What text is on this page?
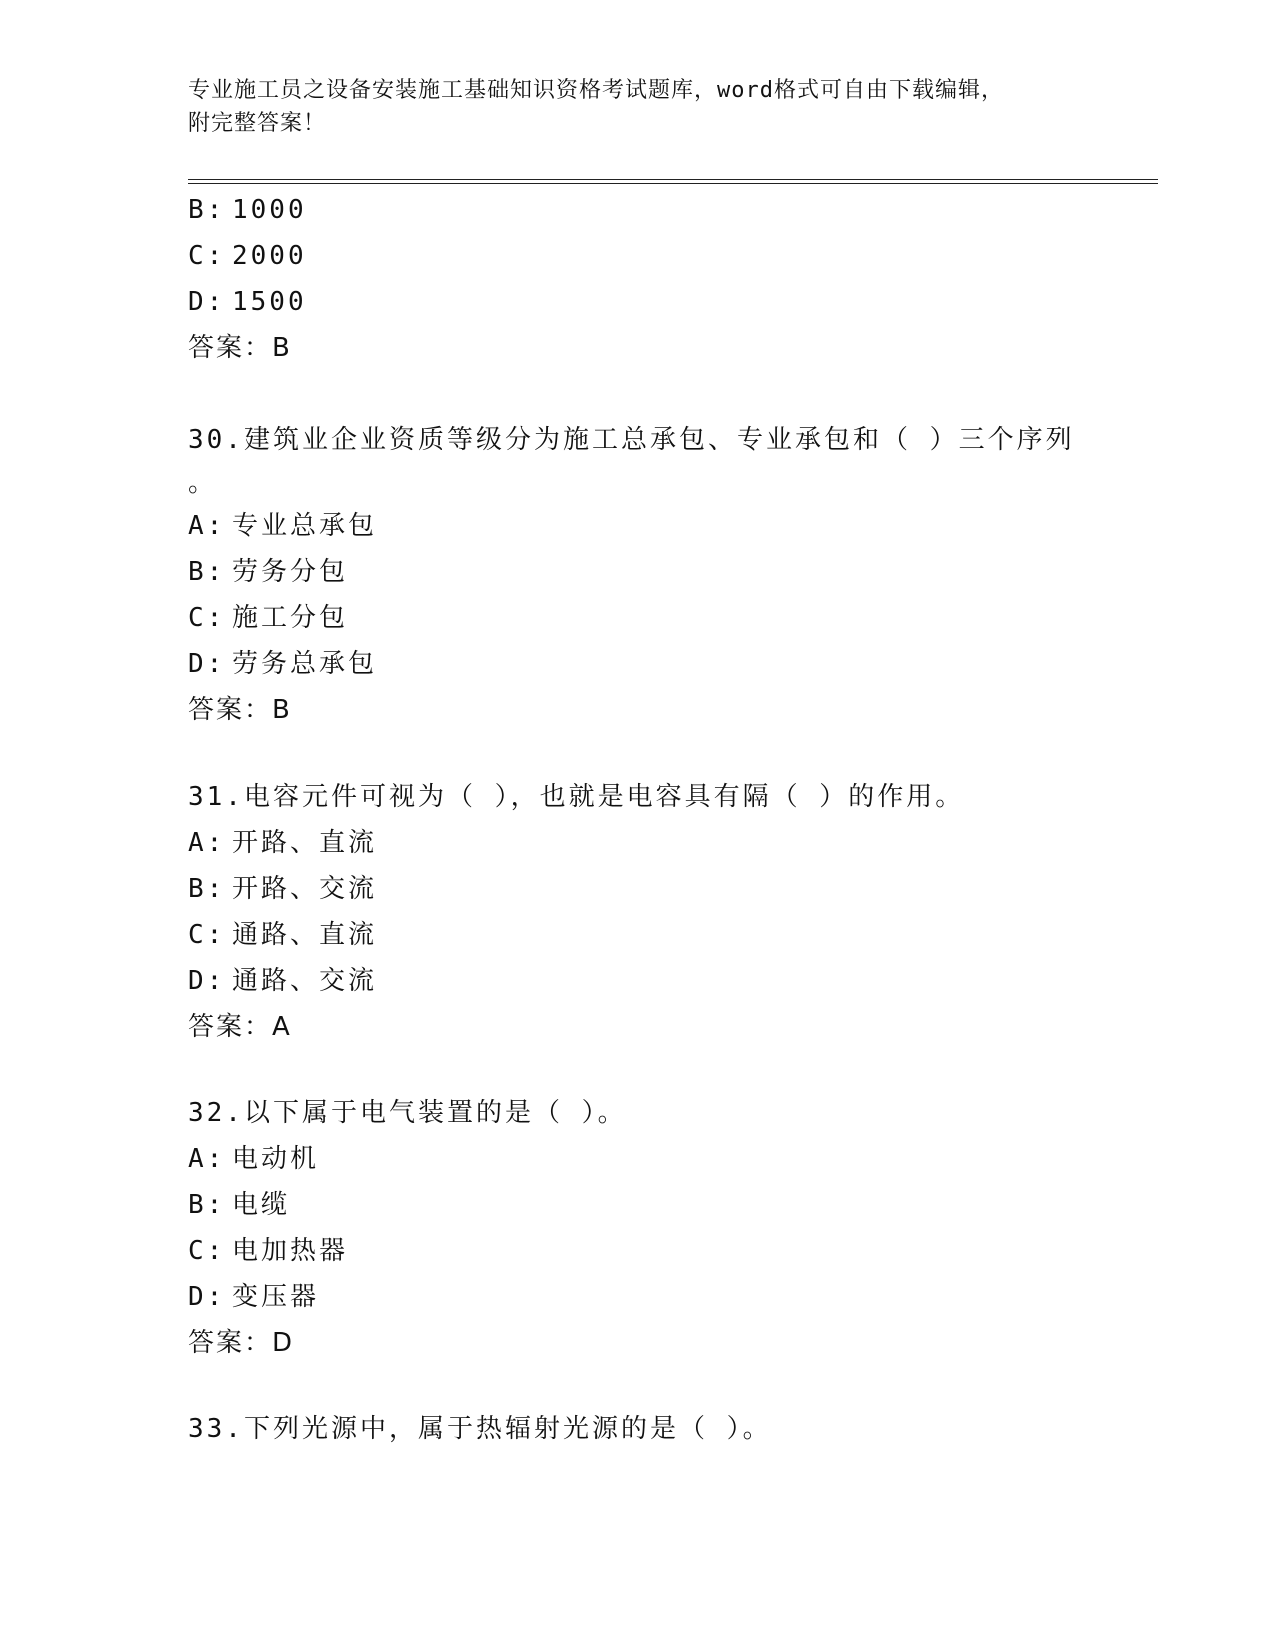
专业施工员之设备安装施工基础知识资格考试题库，word格式可自由下载编辑，
附完整答案！
B: 1000
C: 2000
D: 1500
答案：B
30.建筑业企业资质等级分为施工总承包、专业承包和（ ）三个序列
。
A: 专业总承包
B: 劳务分包
C: 施工分包
D: 劳务总承包
答案：B
31.电容元件可视为（ ），也就是电容具有隔（ ）的作用。
A: 开路、直流
B: 开路、交流
C: 通路、直流
D: 通路、交流
答案：A
32.以下属于电气装置的是（ ）。
A: 电动机
B: 电缆
C: 电加热器
D: 变压器
答案：D
33.下列光源中，属于热辐射光源的是（ ）。
